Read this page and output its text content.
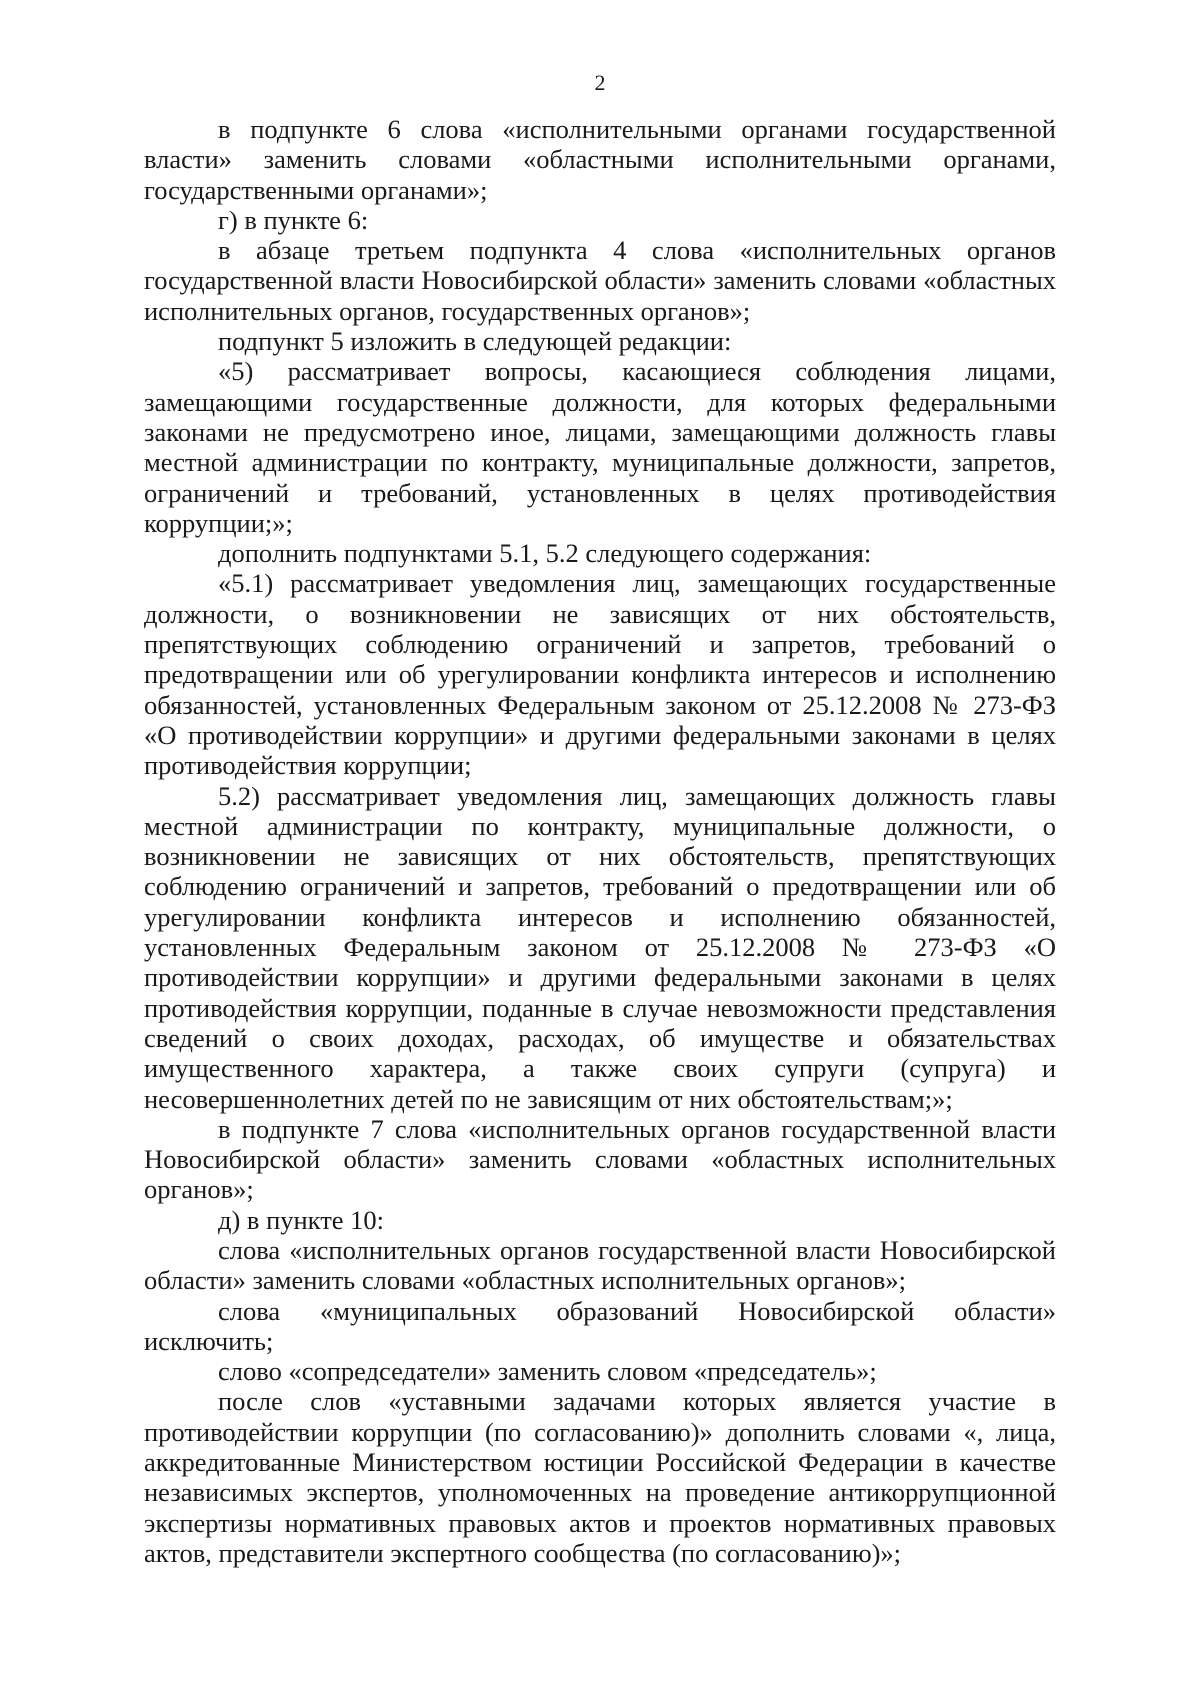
2

в подпункте 6 слова «исполнительными органами государственной власти» заменить словами «областными исполнительными органами, государственными органами»;

г) в пункте 6:

в абзаце третьем подпункта 4 слова «исполнительных органов государственной власти Новосибирской области» заменить словами «областных исполнительных органов, государственных органов»;

подпункт 5 изложить в следующей редакции:

«5) рассматривает вопросы, касающиеся соблюдения лицами, замещающими государственные должности, для которых федеральными законами не предусмотрено иное, лицами, замещающими должность главы местной администрации по контракту, муниципальные должности, запретов, ограничений и требований, установленных в целях противодействия коррупции;»;

дополнить подпунктами 5.1, 5.2 следующего содержания:

«5.1) рассматривает уведомления лиц, замещающих государственные должности, о возникновении не зависящих от них обстоятельств, препятствующих соблюдению ограничений и запретов, требований о предотвращении или об урегулировании конфликта интересов и исполнению обязанностей, установленных Федеральным законом от 25.12.2008 № 273-ФЗ «О противодействии коррупции» и другими федеральными законами в целях противодействия коррупции;

5.2) рассматривает уведомления лиц, замещающих должность главы местной администрации по контракту, муниципальные должности, о возникновении не зависящих от них обстоятельств, препятствующих соблюдению ограничений и запретов, требований о предотвращении или об урегулировании конфликта интересов и исполнению обязанностей, установленных Федеральным законом от 25.12.2008 № 273-ФЗ «О противодействии коррупции» и другими федеральными законами в целях противодействия коррупции, поданные в случае невозможности представления сведений о своих доходах, расходах, об имуществе и обязательствах имущественного характера, а также своих супруги (супруга) и несовершеннолетних детей по не зависящим от них обстоятельствам;»;

в подпункте 7 слова «исполнительных органов государственной власти Новосибирской области» заменить словами «областных исполнительных органов»;

д) в пункте 10:

слова «исполнительных органов государственной власти Новосибирской области» заменить словами «областных исполнительных органов»;

слова «муниципальных образований Новосибирской области» исключить;

слово «сопредседатели» заменить словом «председатель»;

после слов «уставными задачами которых является участие в противодействии коррупции (по согласованию)» дополнить словами «, лица, аккредитованные Министерством юстиции Российской Федерации в качестве независимых экспертов, уполномоченных на проведение антикоррупционной экспертизы нормативных правовых актов и проектов нормативных правовых актов, представители экспертного сообщества (по согласованию)»;
